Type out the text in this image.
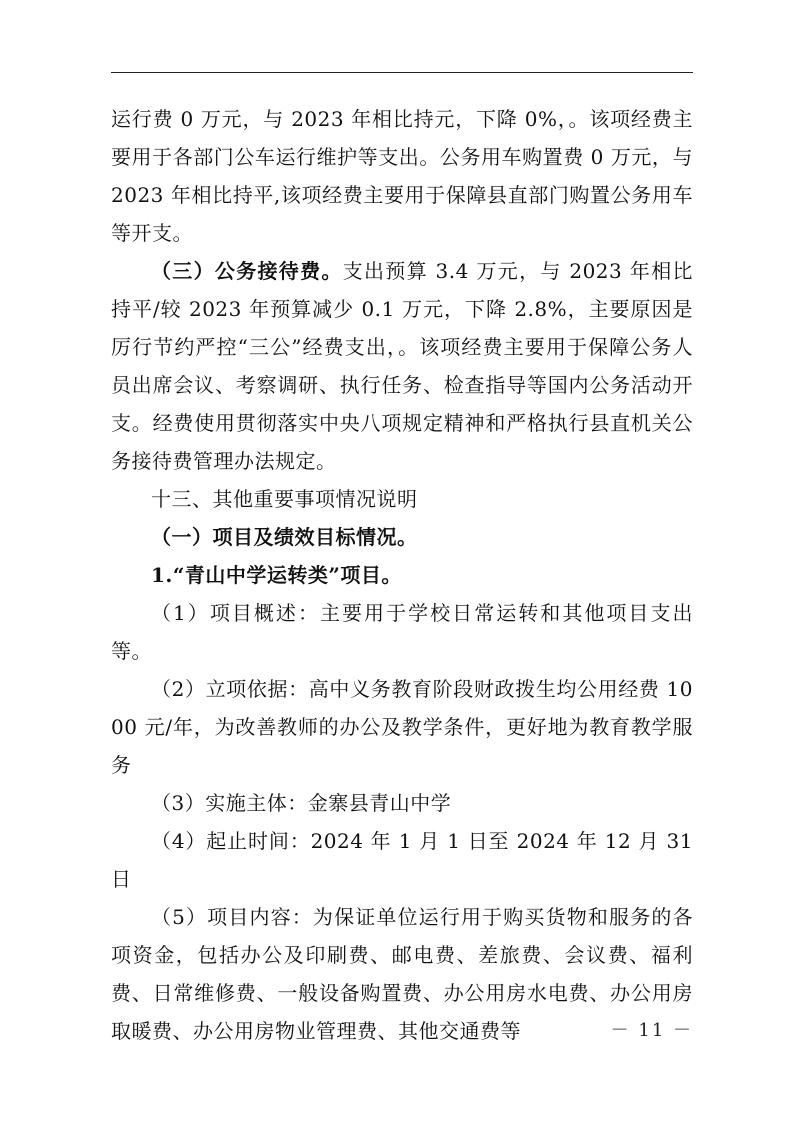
运行费 0 万元，与 2023 年相比持元，下降 0%，。该项经费主要用于各部门公车运行维护等支出。公务用车购置费 0 万元，与 2023 年相比持平,该项经费主要用于保障县直部门购置公务用车等开支。

（三）公务接待费。支出预算 3.4 万元，与 2023 年相比持平/较 2023 年预算减少 0.1 万元，下降 2.8%，主要原因是厉行节约严控“三公”经费支出，。该项经费主要用于保障公务人员出席会议、考察调研、执行任务、检查指导等国内公务活动开支。经费使用贯彻落实中央八项规定精神和严格执行县直机关公务接待费管理办法规定。

十三、其他重要事项情况说明

（一）项目及绩效目标情况。

1.“青山中学运转类”项目。

（1）项目概述：主要用于学校日常运转和其他项目支出等。

（2）立项依据：高中义务教育阶段财政拨生均公用经费 1000 元/年，为改善教师的办公及教学条件，更好地为教育教学服务

（3）实施主体：金寨县青山中学

（4）起止时间：2024 年 1 月 1 日至 2024 年 12 月 31 日

（5）项目内容：为保证单位运行用于购买货物和服务的各项资金，包括办公及印刷费、邮电费、差旅费、会议费、福利费、日常维修费、一般设备购置费、办公用房水电费、办公用房取暖费、办公用房物业管理费、其他交通费等	－ 11 －
